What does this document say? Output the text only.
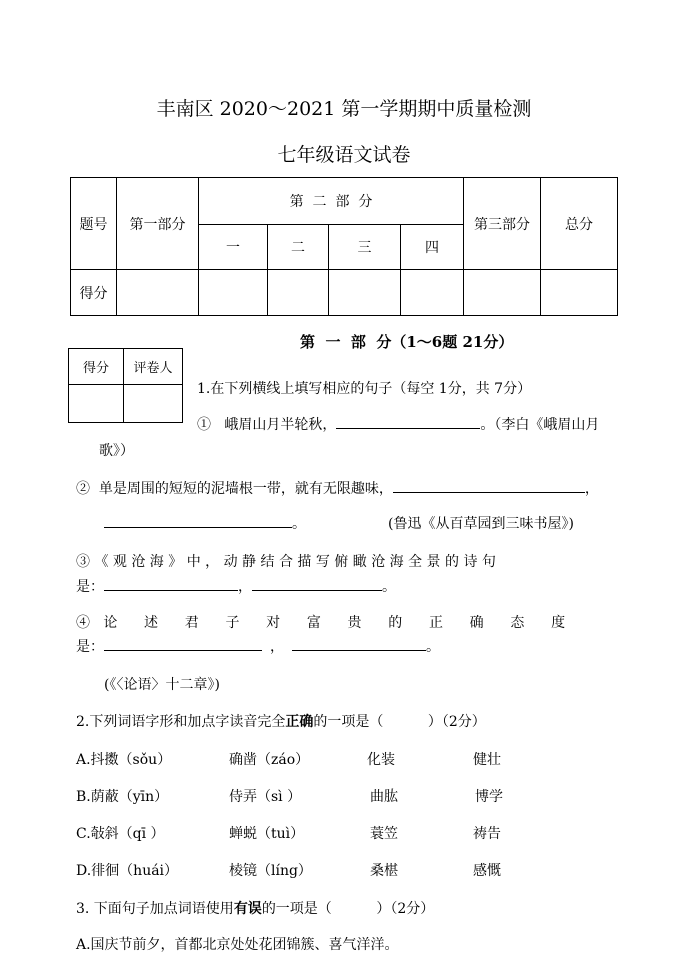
丰南区 2020～2021 第一学期期中质量检测
七年级语文试卷
题号	第一部分	第  二  部  分				第三部分	总分
		一	二	三	四		
得分							
第  一  部  分（1～6题 21分）
得分	评卷人

1.在下列横线上填写相应的句子（每空 1分，共 7分）
①   峨眉山月半轮秋，	。（李白《峨眉山月
歌》）
②  单是周围的短短的泥墙根一带，就有无限趣味，	，
。	(鲁迅《从百草园到三味书屋》)
③ 《 观 沧 海 》 中 ， 动 静 结 合 描 写 俯 瞰 沧 海 全 景 的 诗 句
是：	，	。
④   论      述      君      子      对      富      贵      的      正      确      态      度
是：	，	。
(《〈论语〉十二章》)
2.下列词语字形和加点字读音完全正确的一项是（          ）（2分）
A.抖擞（sǒu）	确凿（záo）	化装	健壮
B.荫蔽（yīn）	侍弄（sì ）	曲肱	博学
C.敧斜（qī ）	蝉蜕（tuì）	蓑笠	祷告
D.徘徊（huái）	棱镜（líng）	桑椹	感慨
3. 下面句子加点词语使用有误的一项是（          ）（2分）
A.国庆节前夕，首都北京处处花团锦簇、喜气洋洋。
